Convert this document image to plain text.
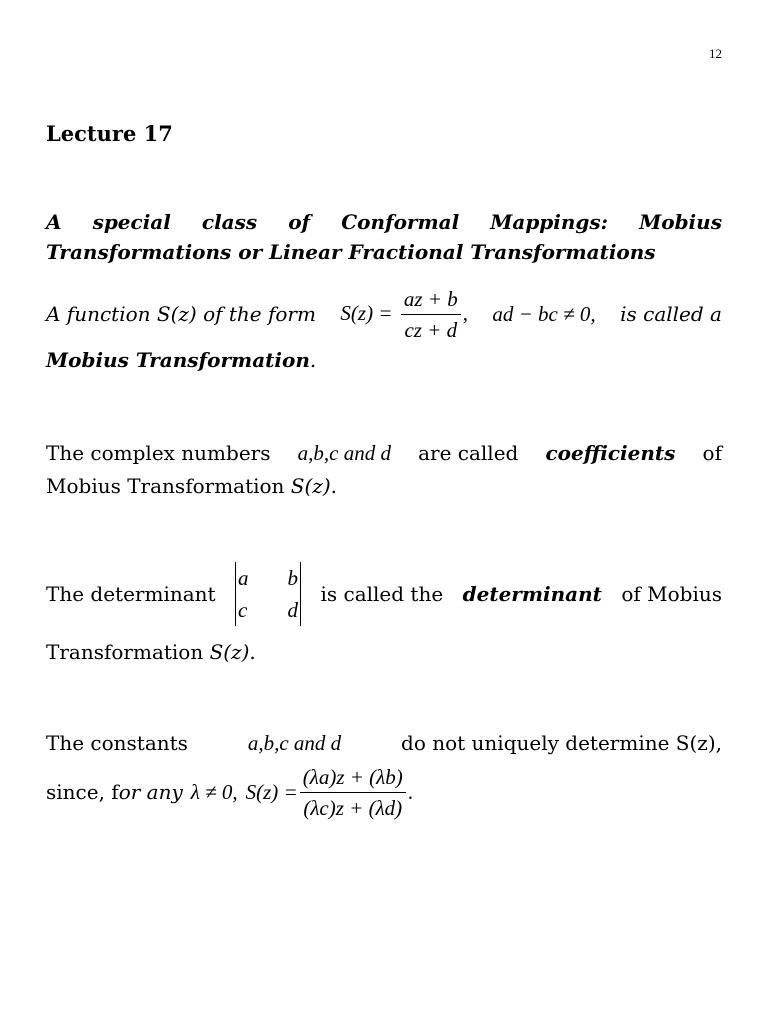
12
Lecture 17
A special class of Conformal Mappings: Mobius
Transformations or Linear Fractional Transformations
A function S(z) of the form $S(z) = \frac{az + b}{cz + d}$ , ad − bc ≠ 0, is called a
Mobius Transformation.
The complex numbers a,b,c and d are called coefficients of
Mobius Transformation S(z).
The determinant
a	b
c	d
is called the determinant of Mobius
Transformation S(z).
The constants	a,b,c and d	do not uniquely determine S(z),
since, f or any λ ≠ 0, $S(z) = \frac{(\lambda a)z + (\lambda b)}{(\lambda c)z + (\lambda d)}$ .
